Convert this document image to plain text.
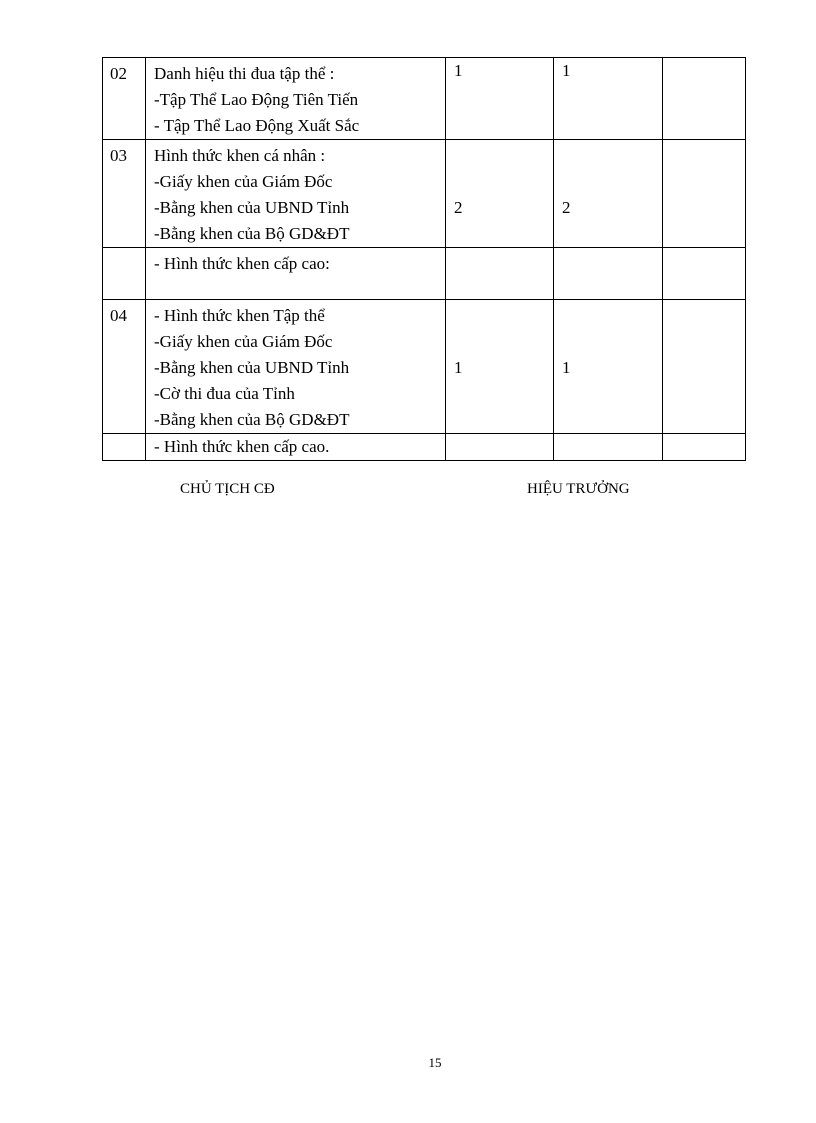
02	Danh hiệu thi đua tập thể :
-Tập Thể Lao Động Tiên Tiến
- Tập Thể Lao Động Xuất Sắc	1	1	

03	Hình thức khen cá nhân :
-Giấy khen của Giám Đốc
-Bằng khen của UBND Tỉnh
-Bằng khen của Bộ GD&ĐT	2	2	

	- Hình thức khen cấp cao:			

04	- Hình thức khen Tập thể
-Giấy khen của Giám Đốc
-Bằng khen của UBND Tỉnh
-Cờ thi đua của Tỉnh
-Bằng khen của Bộ GD&ĐT	1	1	

	- Hình thức khen cấp cao.			

CHỦ TỊCH CĐ	HIỆU TRƯỞNG
15
